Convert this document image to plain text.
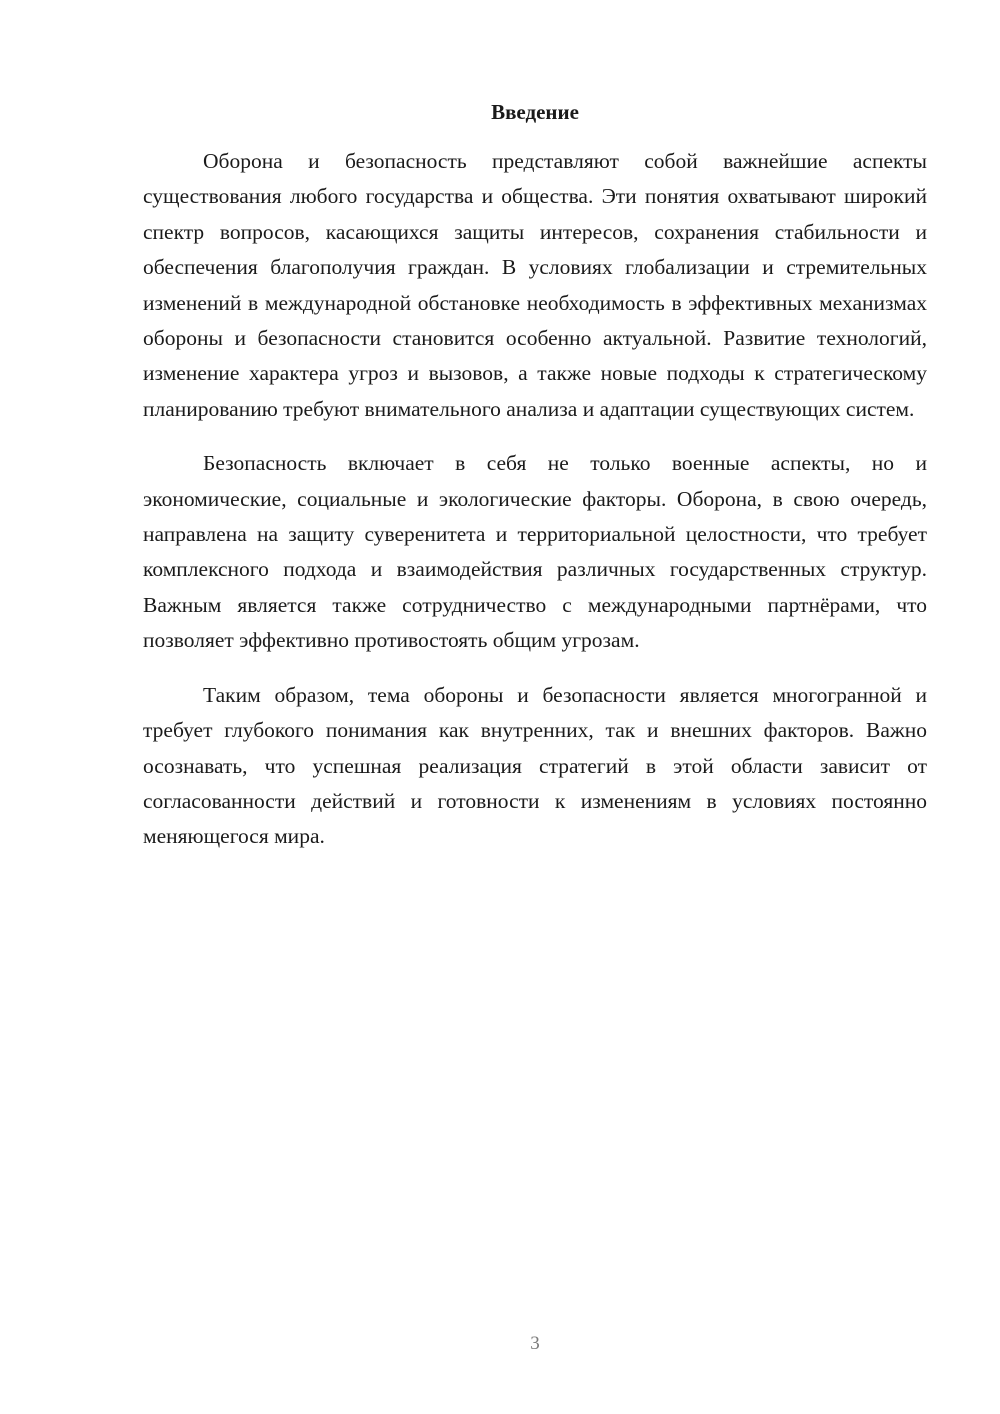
Введение

Оборона и безопасность представляют собой важнейшие аспекты существования любого государства и общества. Эти понятия охватывают широкий спектр вопросов, касающихся защиты интересов, сохранения стабильности и обеспечения благополучия граждан. В условиях глобализации и стремительных изменений в международной обстановке необходимость в эффективных механизмах обороны и безопасности становится особенно актуальной. Развитие технологий, изменение характера угроз и вызовов, а также новые подходы к стратегическому планированию требуют внимательного анализа и адаптации существующих систем.

Безопасность включает в себя не только военные аспекты, но и экономические, социальные и экологические факторы. Оборона, в свою очередь, направлена на защиту суверенитета и территориальной целостности, что требует комплексного подхода и взаимодействия различных государственных структур. Важным является также сотрудничество с международными партнёрами, что позволяет эффективно противостоять общим угрозам.

Таким образом, тема обороны и безопасности является многогранной и требует глубокого понимания как внутренних, так и внешних факторов. Важно осознавать, что успешная реализация стратегий в этой области зависит от согласованности действий и готовности к изменениям в условиях постоянно меняющегося мира.

3
